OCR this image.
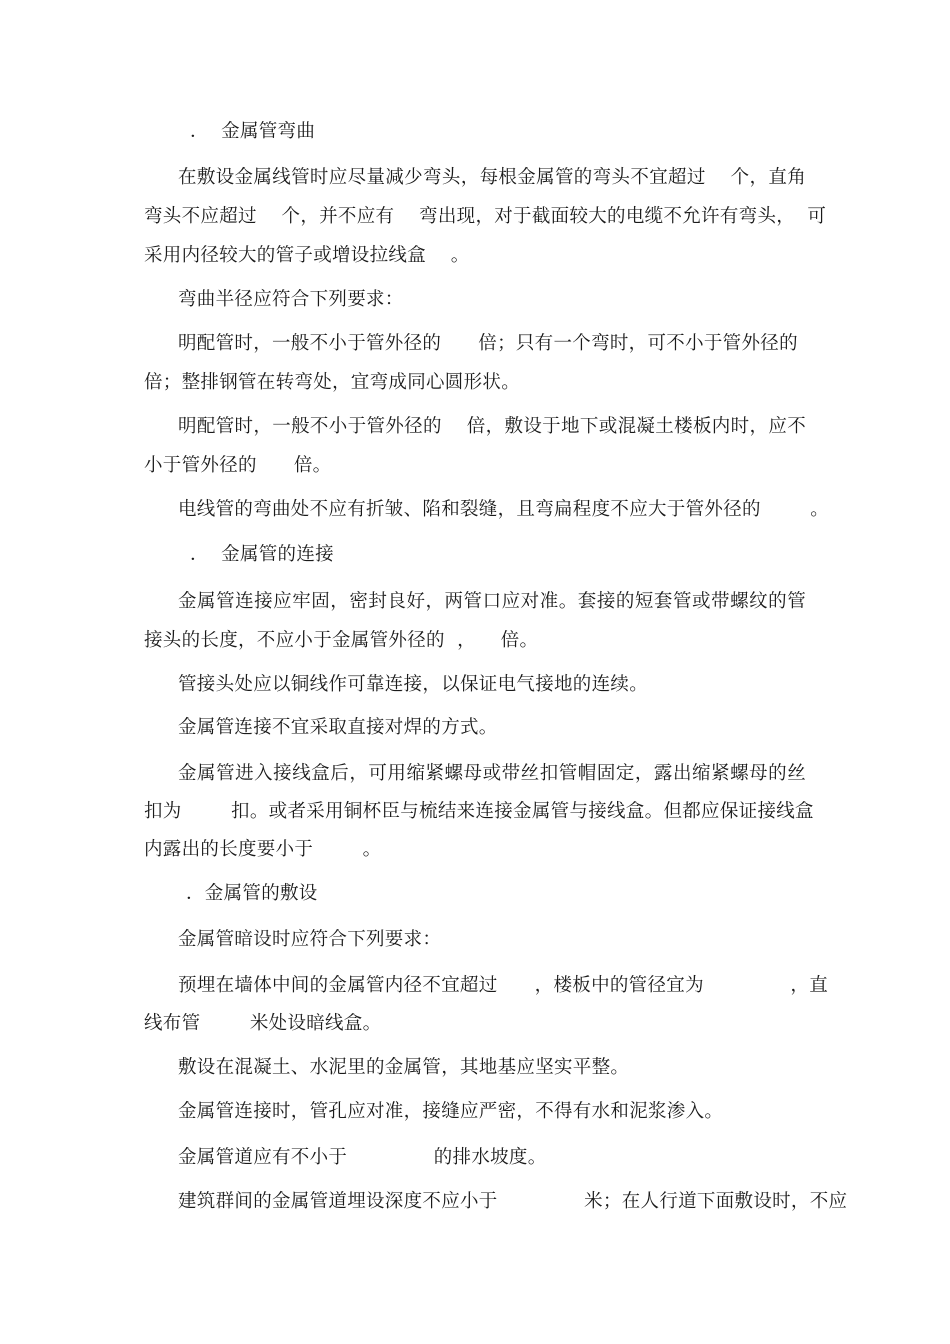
．  金属管弯曲
在敷设金属线管时应尽量减少弯头，每根金属管的弯头不宜超过    个，直角
弯头不应超过    个，并不应有    弯出现，对于截面较大的电缆不允许有弯头，  可
采用内径较大的管子或增设拉线盒    。
弯曲半径应符合下列要求：
明配管时，一般不小于管外径的      倍；只有一个弯时，可不小于管外径的
倍；整排钢管在转弯处，宜弯成同心圆形状。
明配管时，一般不小于管外径的    倍，敷设于地下或混凝土楼板内时，应不
小于管外径的      倍。
电线管的弯曲处不应有折皱、陷和裂缝，且弯扁程度不应大于管外径的        。
．  金属管的连接
金属管连接应牢固，密封良好，两管口应对准。套接的短套管或带螺纹的管
接头的长度，不应小于金属管外径的  ，    倍。
管接头处应以铜线作可靠连接，以保证电气接地的连续。
金属管连接不宜采取直接对焊的方式。
金属管进入接线盒后，可用缩紧螺母或带丝扣管帽固定，露出缩紧螺母的丝
扣为        扣。或者采用铜杯臣与梳结来连接金属管与接线盒。但都应保证接线盒
内露出的长度要小于        。
．金属管的敷设
金属管暗设时应符合下列要求：
预埋在墙体中间的金属管内径不宜超过      ，楼板中的管径宜为              ，直
线布管        米处设暗线盒。
敷设在混凝土、水泥里的金属管，其地基应坚实平整。
金属管连接时，管孔应对准，接缝应严密，不得有水和泥浆渗入。
金属管道应有不小于              的排水坡度。
建筑群间的金属管道埋设深度不应小于              米；在人行道下面敷设时，不应
